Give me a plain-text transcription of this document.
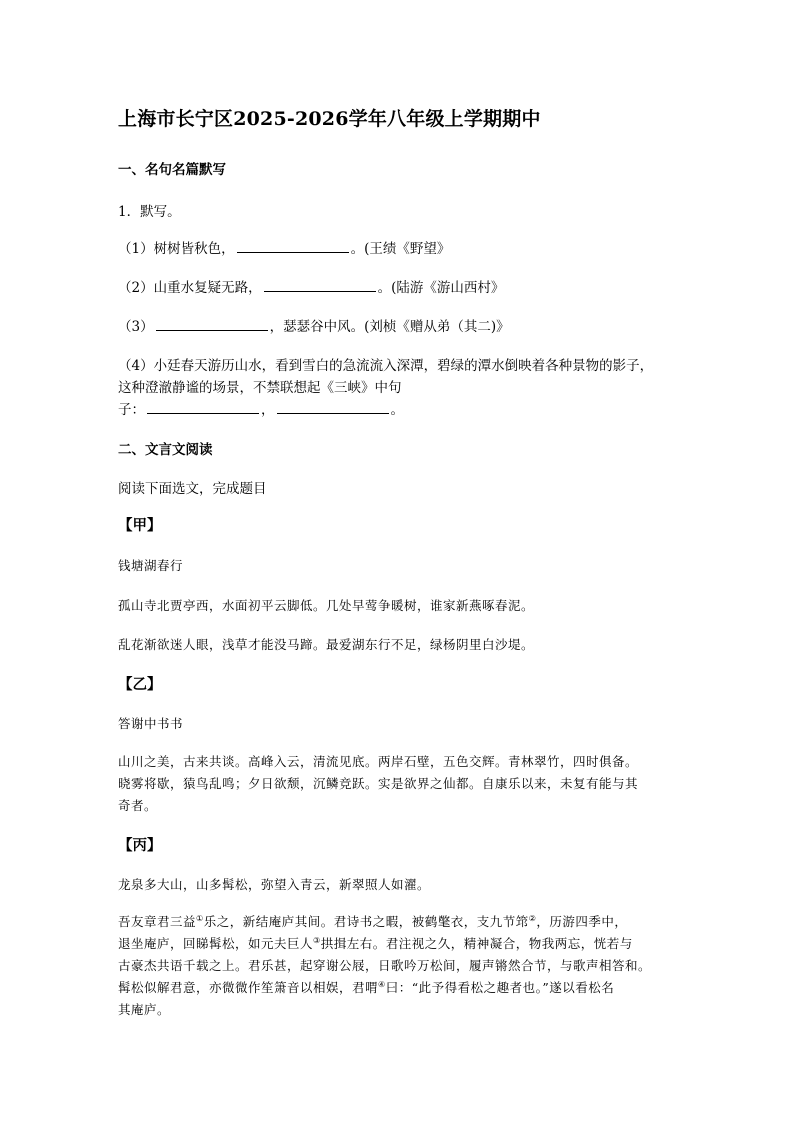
上海市长宁区2025-2026学年八年级上学期期中
一、名句名篇默写
1．默写。
（1）树树皆秋色，	。(王绩《野望》
（2）山重水复疑无路，	。(陆游《游山西村》
（3）	，瑟瑟谷中风。(刘桢《赠从弟（其二)》
（4）小廷春天游历山水，看到雪白的急流流入深潭，碧绿的潭水倒映着各种景物的影子，
这种澄澈静谧的场景，不禁联想起《三峡》中句
子：	，	。
二、文言文阅读
阅读下面选文，完成题目
【甲】
钱塘湖春行
孤山寺北贾亭西，水面初平云脚低。几处早莺争暖树，谁家新燕啄春泥。
乱花渐欲迷人眼，浅草才能没马蹄。最爱湖东行不足，绿杨阴里白沙堤。
【乙】
答谢中书书
山川之美，古来共谈。高峰入云，清流见底。两岸石壁，五色交辉。青林翠竹，四时俱备。
晓雾将歇，猿鸟乱鸣；夕日欲颓，沉鳞竞跃。实是欲界之仙都。自康乐以来，未复有能与其
奇者。
【丙】
龙泉多大山，山多髯松，弥望入青云，新翠照人如濯。
吾友章君三益①乐之，新结庵庐其间。君诗书之暇，被鹤氅衣，支九节筇②，历游四季中，
退坐庵庐，回睇髯松，如元夫巨人③拱揖左右。君注视之久，精神凝合，物我两忘，恍若与
古豪杰共语千载之上。君乐甚，起穿谢公屐，日歌吟万松间，履声锵然合节，与歌声相答和。
髯松似解君意，亦微微作笙箫音以相娱，君喟④曰：“此予得看松之趣者也。”遂以看松名
其庵庐。
